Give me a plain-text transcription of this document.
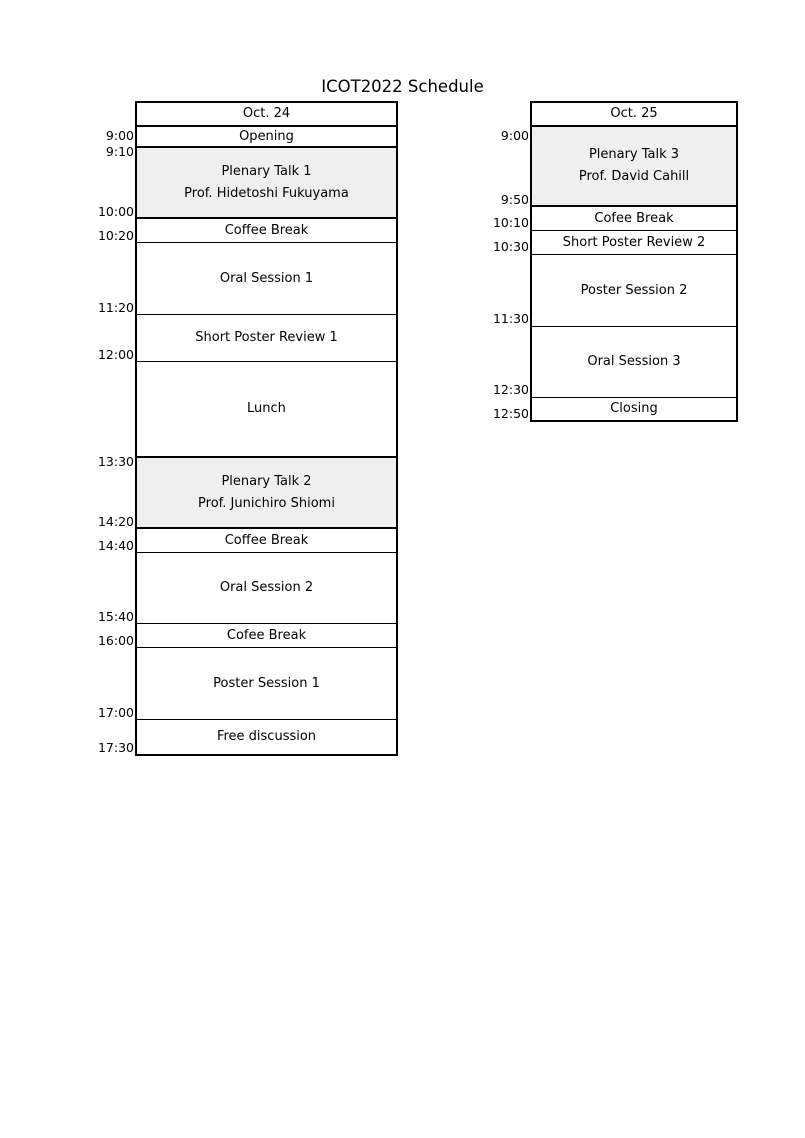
ICOT2022 Schedule
Oct. 24
Opening
Plenary Talk 1
Prof. Hidetoshi Fukuyama
Coffee Break
Oral Session 1
Short Poster Review 1
Lunch
Plenary Talk 2
Prof. Junichiro Shiomi
Coffee Break
Oral Session 2
Cofee Break
Poster Session 1
Free discussion
Oct. 25
Plenary Talk 3
Prof. David Cahill
Cofee Break
Short Poster Review 2
Poster Session 2
Oral Session 3
Closing
9:00
9:10
10:00
10:20
11:20
12:00
13:30
14:20
14:40
15:40
16:00
17:00
17:30
9:00
9:50
10:10
10:30
11:30
12:30
12:50
